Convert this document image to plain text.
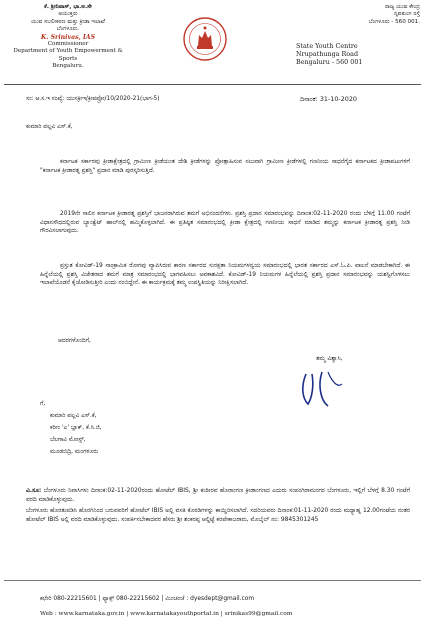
ಕೆ. ಶ್ರೀನಿವಾಸ್, ಭಾ.ಆ.ಸೇ
ಆಯುಕ್ತರು
ಯುವ ಸಬಲೀಕರಣ ಮತ್ತು ಕ್ರೀಡಾ ಇಲಾಖೆ
ಬೆಂಗಳೂರು.
K. Srinivas, IAS
Commissioner
Department of Youth Empowerment & Sports
Bengaluru.
ರಾಜ್ಯ ಯುವ ಕೇಂದ್ರ
ನೃಪತುಂಗ ರಸ್ತೆ
ಬೆಂಗಳೂರು - 560 001.
State Youth Centre
Nrupathunga Road
Bengaluru - 560 001
ಸಂ: ಆ.ಸ.ಇ ಸಂಖ್ಯೆ: ಯುಸಕ್ರೀಇ/ಕ್ರೀಪಪ್ರೋ/10/2020-21(ಭಾಗ-5)	ದಿನಾಂಕ: 31-10-2020
ಕುಮಾರಿ ಪಲ್ಲವಿ ಎಸ್.ಕೆ,
ಕರ್ನಾಟಕ ಸರ್ಕಾರವು ಕ್ರೀಡಾಕ್ಷೇತ್ರದಲ್ಲಿ ಗ್ರಾಮೀಣ ಕ್ರೀಡೆಯಂತ ದೇಶಿ ಕ್ರೀಡೆಗಳನ್ನು ಪ್ರೋತ್ಸಾಹಿಸುವ ಸಲುವಾಗಿ ಗ್ರಾಮೀಣ ಕ್ರೀಡೆಗಳಲ್ಲಿ ಗಣನೀಯ ಸಾಧನೆಗೈದ ಕರ್ನಾಟಕದ ಕ್ರೀಡಾಪಟುಗಳಿಗೆ "ಕರ್ನಾಟಕ ಕ್ರೀಡಾರತ್ನ ಪ್ರಶಸ್ತಿ" ಪ್ರದಾನ ಮಾಡಿ ಪುರಸ್ಕರಿಸುತ್ತಿದೆ.
2019ನೇ ಸಾಲಿನ ಕರ್ನಾಟಕ ಕ್ರೀಡಾರತ್ನ ಪ್ರಶಸ್ತಿಗೆ ಭಾಜನರಾಗಿರುವ ತಮಗೆ ಅಭಿನಂದನೆಗಳು. ಪ್ರಶಸ್ತಿ ಪ್ರದಾನ ಸಮಾರಂಭವನ್ನು ದಿನಾಂಕ:02-11-2020 ರಂದು ಬೆಳಿಗ್ಗೆ 11.00 ಗಂಟೆಗೆ ವಿಧಾನಸೌಧದಲ್ಲಿರುವ ಬ್ಯಾಂಕ್ವೆಟ್ ಹಾಲ್‌ನಲ್ಲಿ ಹಮ್ಮಿಕೊಳ್ಳಲಾಗಿದೆ. ಈ ಪ್ರತಿಷ್ಠಿತ ಸಮಾರಂಭದಲ್ಲಿ ಕ್ರೀಡಾ ಕ್ಷೇತ್ರದಲ್ಲಿ ಗಣನೀಯ ಸಾಧನೆ ಮಾಡಿದ ತಮ್ಮನ್ನು ಕರ್ನಾಟಕ ಕ್ರೀಡಾರತ್ನ ಪ್ರಶಸ್ತಿ ನೀಡಿ ಗೌರವಿಸಲಾಗುವುದು.
ಪ್ರಸ್ತುತ ಕೋವಿಡ್-19 ಸಾಂಕ್ರಾಮಿಕ ರೋಗವು ವ್ಯಾಪಿಸಿರುವ ಕಾರಣ ಸರ್ಕಾರದ ಸುರಕ್ಷತಾ ನಿಯಮಗಳನ್ವಯ ಸಮಾರಂಭದಲ್ಲಿ ಭಾರತ ಸರ್ಕಾರದ ಎಸ್.ಓ.ಪಿ. ಪಾಲನೆ ಮಾಡಬೇಕಾಗಿದೆ. ಈ ಹಿನ್ನೆಲೆಯಲ್ಲಿ ಪ್ರಶಸ್ತಿ ವಿಜೇತರಾದ ತಮಗೆ ಮಾತ್ರ ಸಮಾರಂಭದಲ್ಲಿ ಭಾಗವಹಿಸಲು ಅವಕಾಶವಿದೆ. ಕೋವಿಡ್-19 ನಿಯಮಗಳ ಹಿನ್ನೆಲೆಯಲ್ಲಿ ಪ್ರಶಸ್ತಿ ಪ್ರದಾನ ಸಮಾರಂಭವನ್ನು ಯಶಸ್ವಿಗೊಳಿಸಲು ಇಲಾಖೆಯೊಡನೆ ಕೈಜೋಡಿಸುತ್ತೀರಿ ಎಂದು ನಂಬಿದ್ದೇನೆ. ಈ ಕಾರ್ಯಕ್ರಮಕ್ಕೆ ತಮ್ಮ ಉಪಸ್ಥಿತಿಯನ್ನು ನಿರೀಕ್ಷಿಸಲಾಗಿದೆ.
ಆದರಗಳೊಂದಿಗೆ,
ತಮ್ಮ ವಿಶ್ವಾಸಿ,
ಗೆ,
ಕುಮಾರಿ ಪಲ್ಲವಿ ಎಸ್.ಕೆ,
ಕರೀಂ 'ಎ' ಬ್ಲಾಕ್, ಕೆ.ಸಿ.ಜಿ,
ಬೆಲಗಾವಿ ಮೋಸ್ಟ್,
ಮೂಡಬಿದ್ರಿ, ಮಂಗಳೂರು
ವಿ.ಸೂ: ಬೆಂಗಳೂರು ನಿವಾಸಿಗಳು ದಿನಾಂಕ:02-11-2020ರಂದು ಹೋಟೆಲ್ IBIS, ಶ್ರೀ ಕಂಠೀರವ ಹೊರಾಂಗಣ ಕ್ರೀಡಾಂಗಣದ ಎದುರು ಸಂಪಂಗಿರಾಮನಗರ ಬೆಂಗಳೂರು, ಇಲ್ಲಿಗೆ ಬೆಳಗ್ಗೆ 8.30 ಗಂಟೆಗೆ ವರದಿ ಮಾಡಿಕೊಳ್ಳುವುದು.
ಬೆಂಗಳೂರು ಹೊರತುಪಡಿಸಿ ಹೊರಗಿನಿಂದ ಬರುವವರಿಗೆ ಹೋಟೆಲ್ IBIS ಅಲ್ಲಿ ವಸತಿ ಕೊಠಡಿಗಳನ್ನು ಕಾಯ್ದಿರಿಸಲಾಗಿದೆ. ಸದರಿಯವರು ದಿನಾಂಕ:01-11-2020 ರಂದು ಮಧ್ಯಾಹ್ನ 12.00ಗಂಟೆಯ ನಂತರ ಹೋಟೆಲ್ IBIS ಅಲ್ಲಿ ವರದಿ ಮಾಡಿಕೊಳ್ಳುವುದು. ಸಂಪರ್ಕಿಸಬೇಕಾದವರ ಹೆಸರು ಶ್ರೀ ಶಂಕರಪ್ಪ ಆಲ್ದಿಟ್ಟೆ ಕರಪೇಕಾಜರಾರು, ಮೊಬೈಲ್ ನಂ: 9845301245
ಕಛೇರಿ 080-22215601 | ಫ್ಯಾಕ್ಸ್ 080-22215602 | ಮಿಂಚಂಚೆ : dyesdept@gmail.com
Web : www.karnataka.gov.in | www.karnatakayouthportal.in | srinikas99@gmail.com
